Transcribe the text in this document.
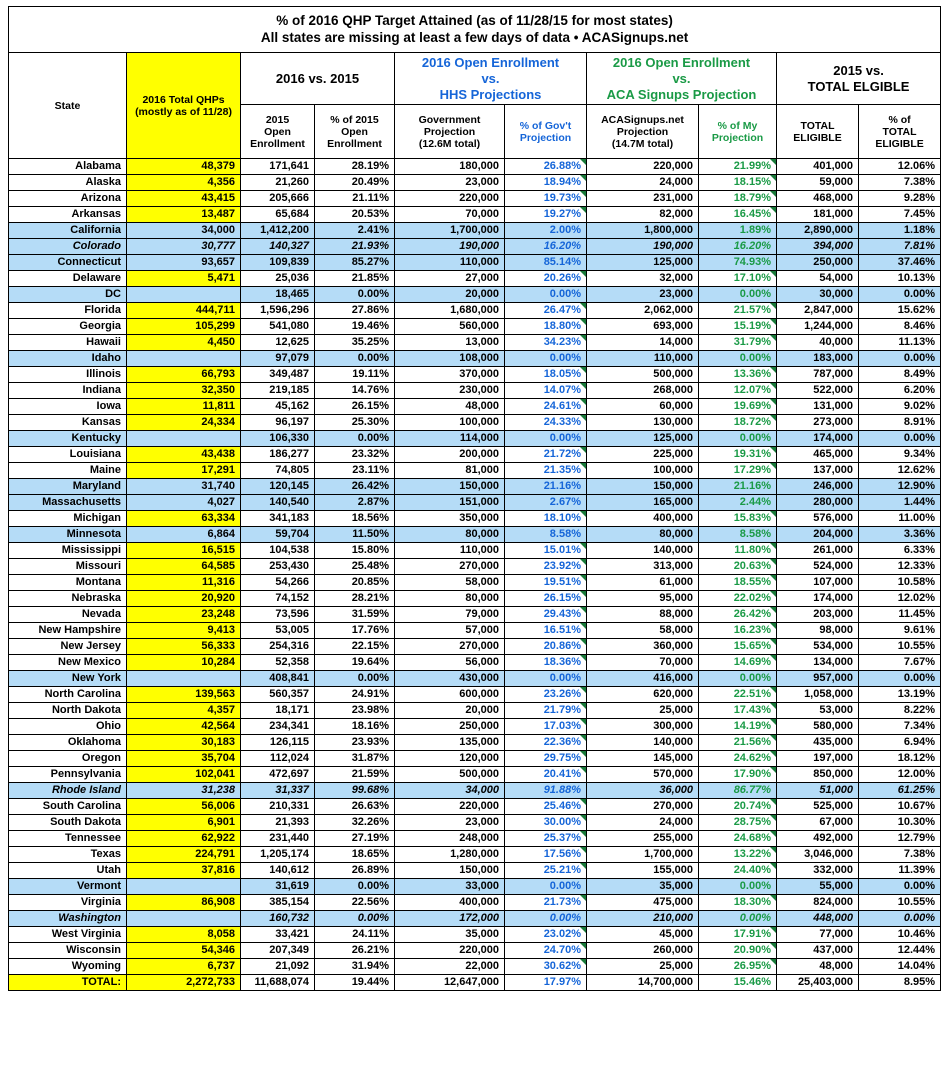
% of 2016 QHP Target Attained (as of 11/28/15 for most states)
All states are missing at least a few days of data • ACASignups.net									

State	2016 Total QHPs
(mostly as of 11/28)
	2016 vs. 2015	
2016 Open Enrollment
vs.
HHS Projections

2016 Open Enrollment
vs.
ACA Signups Projection

2015 vs.
TOTAL ELGIBLE

2015
Open
Enrollment

% of 2015
Open
Enrollment

Government
Projection
(12.6M total)

% of Gov't
Projection

ACASignups.net
Projection
(14.7M total)

% of My
Projection

TOTAL
ELIGIBLE

% of
TOTAL
ELIGIBLE

Alabama	48,379	171,641	28.19%	180,000	26.88%	220,000	21.99%	401,000	12.06%
Alaska	4,356	21,260	20.49%	23,000	18.94%	24,000	18.15%	59,000	7.38%
Arizona	43,415	205,666	21.11%	220,000	19.73%	231,000	18.79%	468,000	9.28%
Arkansas	13,487	65,684	20.53%	70,000	19.27%	82,000	16.45%	181,000	7.45%
California	34,000	1,412,200	2.41%	1,700,000	2.00%	1,800,000	1.89%	2,890,000	1.18%
Colorado	30,777	140,327	21.93%	190,000	16.20%	190,000	16.20%	394,000	7.81%
Connecticut	93,657	109,839	85.27%	110,000	85.14%	125,000	74.93%	250,000	37.46%
Delaware	5,471	25,036	21.85%	27,000	20.26%	32,000	17.10%	54,000	10.13%
DC		18,465	0.00%	20,000	0.00%	23,000	0.00%	30,000	0.00%
Florida	444,711	1,596,296	27.86%	1,680,000	26.47%	2,062,000	21.57%	2,847,000	15.62%
Georgia	105,299	541,080	19.46%	560,000	18.80%	693,000	15.19%	1,244,000	8.46%
Hawaii	4,450	12,625	35.25%	13,000	34.23%	14,000	31.79%	40,000	11.13%
Idaho		97,079	0.00%	108,000	0.00%	110,000	0.00%	183,000	0.00%
Illinois	66,793	349,487	19.11%	370,000	18.05%	500,000	13.36%	787,000	8.49%
Indiana	32,350	219,185	14.76%	230,000	14.07%	268,000	12.07%	522,000	6.20%
Iowa	11,811	45,162	26.15%	48,000	24.61%	60,000	19.69%	131,000	9.02%
Kansas	24,334	96,197	25.30%	100,000	24.33%	130,000	18.72%	273,000	8.91%
Kentucky		106,330	0.00%	114,000	0.00%	125,000	0.00%	174,000	0.00%
Louisiana	43,438	186,277	23.32%	200,000	21.72%	225,000	19.31%	465,000	9.34%
Maine	17,291	74,805	23.11%	81,000	21.35%	100,000	17.29%	137,000	12.62%
Maryland	31,740	120,145	26.42%	150,000	21.16%	150,000	21.16%	246,000	12.90%
Massachusetts	4,027	140,540	2.87%	151,000	2.67%	165,000	2.44%	280,000	1.44%
Michigan	63,334	341,183	18.56%	350,000	18.10%	400,000	15.83%	576,000	11.00%
Minnesota	6,864	59,704	11.50%	80,000	8.58%	80,000	8.58%	204,000	3.36%
Mississippi	16,515	104,538	15.80%	110,000	15.01%	140,000	11.80%	261,000	6.33%
Missouri	64,585	253,430	25.48%	270,000	23.92%	313,000	20.63%	524,000	12.33%
Montana	11,316	54,266	20.85%	58,000	19.51%	61,000	18.55%	107,000	10.58%
Nebraska	20,920	74,152	28.21%	80,000	26.15%	95,000	22.02%	174,000	12.02%
Nevada	23,248	73,596	31.59%	79,000	29.43%	88,000	26.42%	203,000	11.45%
New Hampshire	9,413	53,005	17.76%	57,000	16.51%	58,000	16.23%	98,000	9.61%
New Jersey	56,333	254,316	22.15%	270,000	20.86%	360,000	15.65%	534,000	10.55%
New Mexico	10,284	52,358	19.64%	56,000	18.36%	70,000	14.69%	134,000	7.67%
New York		408,841	0.00%	430,000	0.00%	416,000	0.00%	957,000	0.00%
North Carolina	139,563	560,357	24.91%	600,000	23.26%	620,000	22.51%	1,058,000	13.19%
North Dakota	4,357	18,171	23.98%	20,000	21.79%	25,000	17.43%	53,000	8.22%
Ohio	42,564	234,341	18.16%	250,000	17.03%	300,000	14.19%	580,000	7.34%
Oklahoma	30,183	126,115	23.93%	135,000	22.36%	140,000	21.56%	435,000	6.94%
Oregon	35,704	112,024	31.87%	120,000	29.75%	145,000	24.62%	197,000	18.12%
Pennsylvania	102,041	472,697	21.59%	500,000	20.41%	570,000	17.90%	850,000	12.00%
Rhode Island	31,238	31,337	99.68%	34,000	91.88%	36,000	86.77%	51,000	61.25%
South Carolina	56,006	210,331	26.63%	220,000	25.46%	270,000	20.74%	525,000	10.67%
South Dakota	6,901	21,393	32.26%	23,000	30.00%	24,000	28.75%	67,000	10.30%
Tennessee	62,922	231,440	27.19%	248,000	25.37%	255,000	24.68%	492,000	12.79%
Texas	224,791	1,205,174	18.65%	1,280,000	17.56%	1,700,000	13.22%	3,046,000	7.38%
Utah	37,816	140,612	26.89%	150,000	25.21%	155,000	24.40%	332,000	11.39%
Vermont		31,619	0.00%	33,000	0.00%	35,000	0.00%	55,000	0.00%
Virginia	86,908	385,154	22.56%	400,000	21.73%	475,000	18.30%	824,000	10.55%
Washington		160,732	0.00%	172,000	0.00%	210,000	0.00%	448,000	0.00%
West Virginia	8,058	33,421	24.11%	35,000	23.02%	45,000	17.91%	77,000	10.46%
Wisconsin	54,346	207,349	26.21%	220,000	24.70%	260,000	20.90%	437,000	12.44%
Wyoming	6,737	21,092	31.94%	22,000	30.62%	25,000	26.95%	48,000	14.04%
TOTAL:	2,272,733	11,688,074	19.44%	12,647,000	17.97%	14,700,000	15.46%	25,403,000	8.95%
